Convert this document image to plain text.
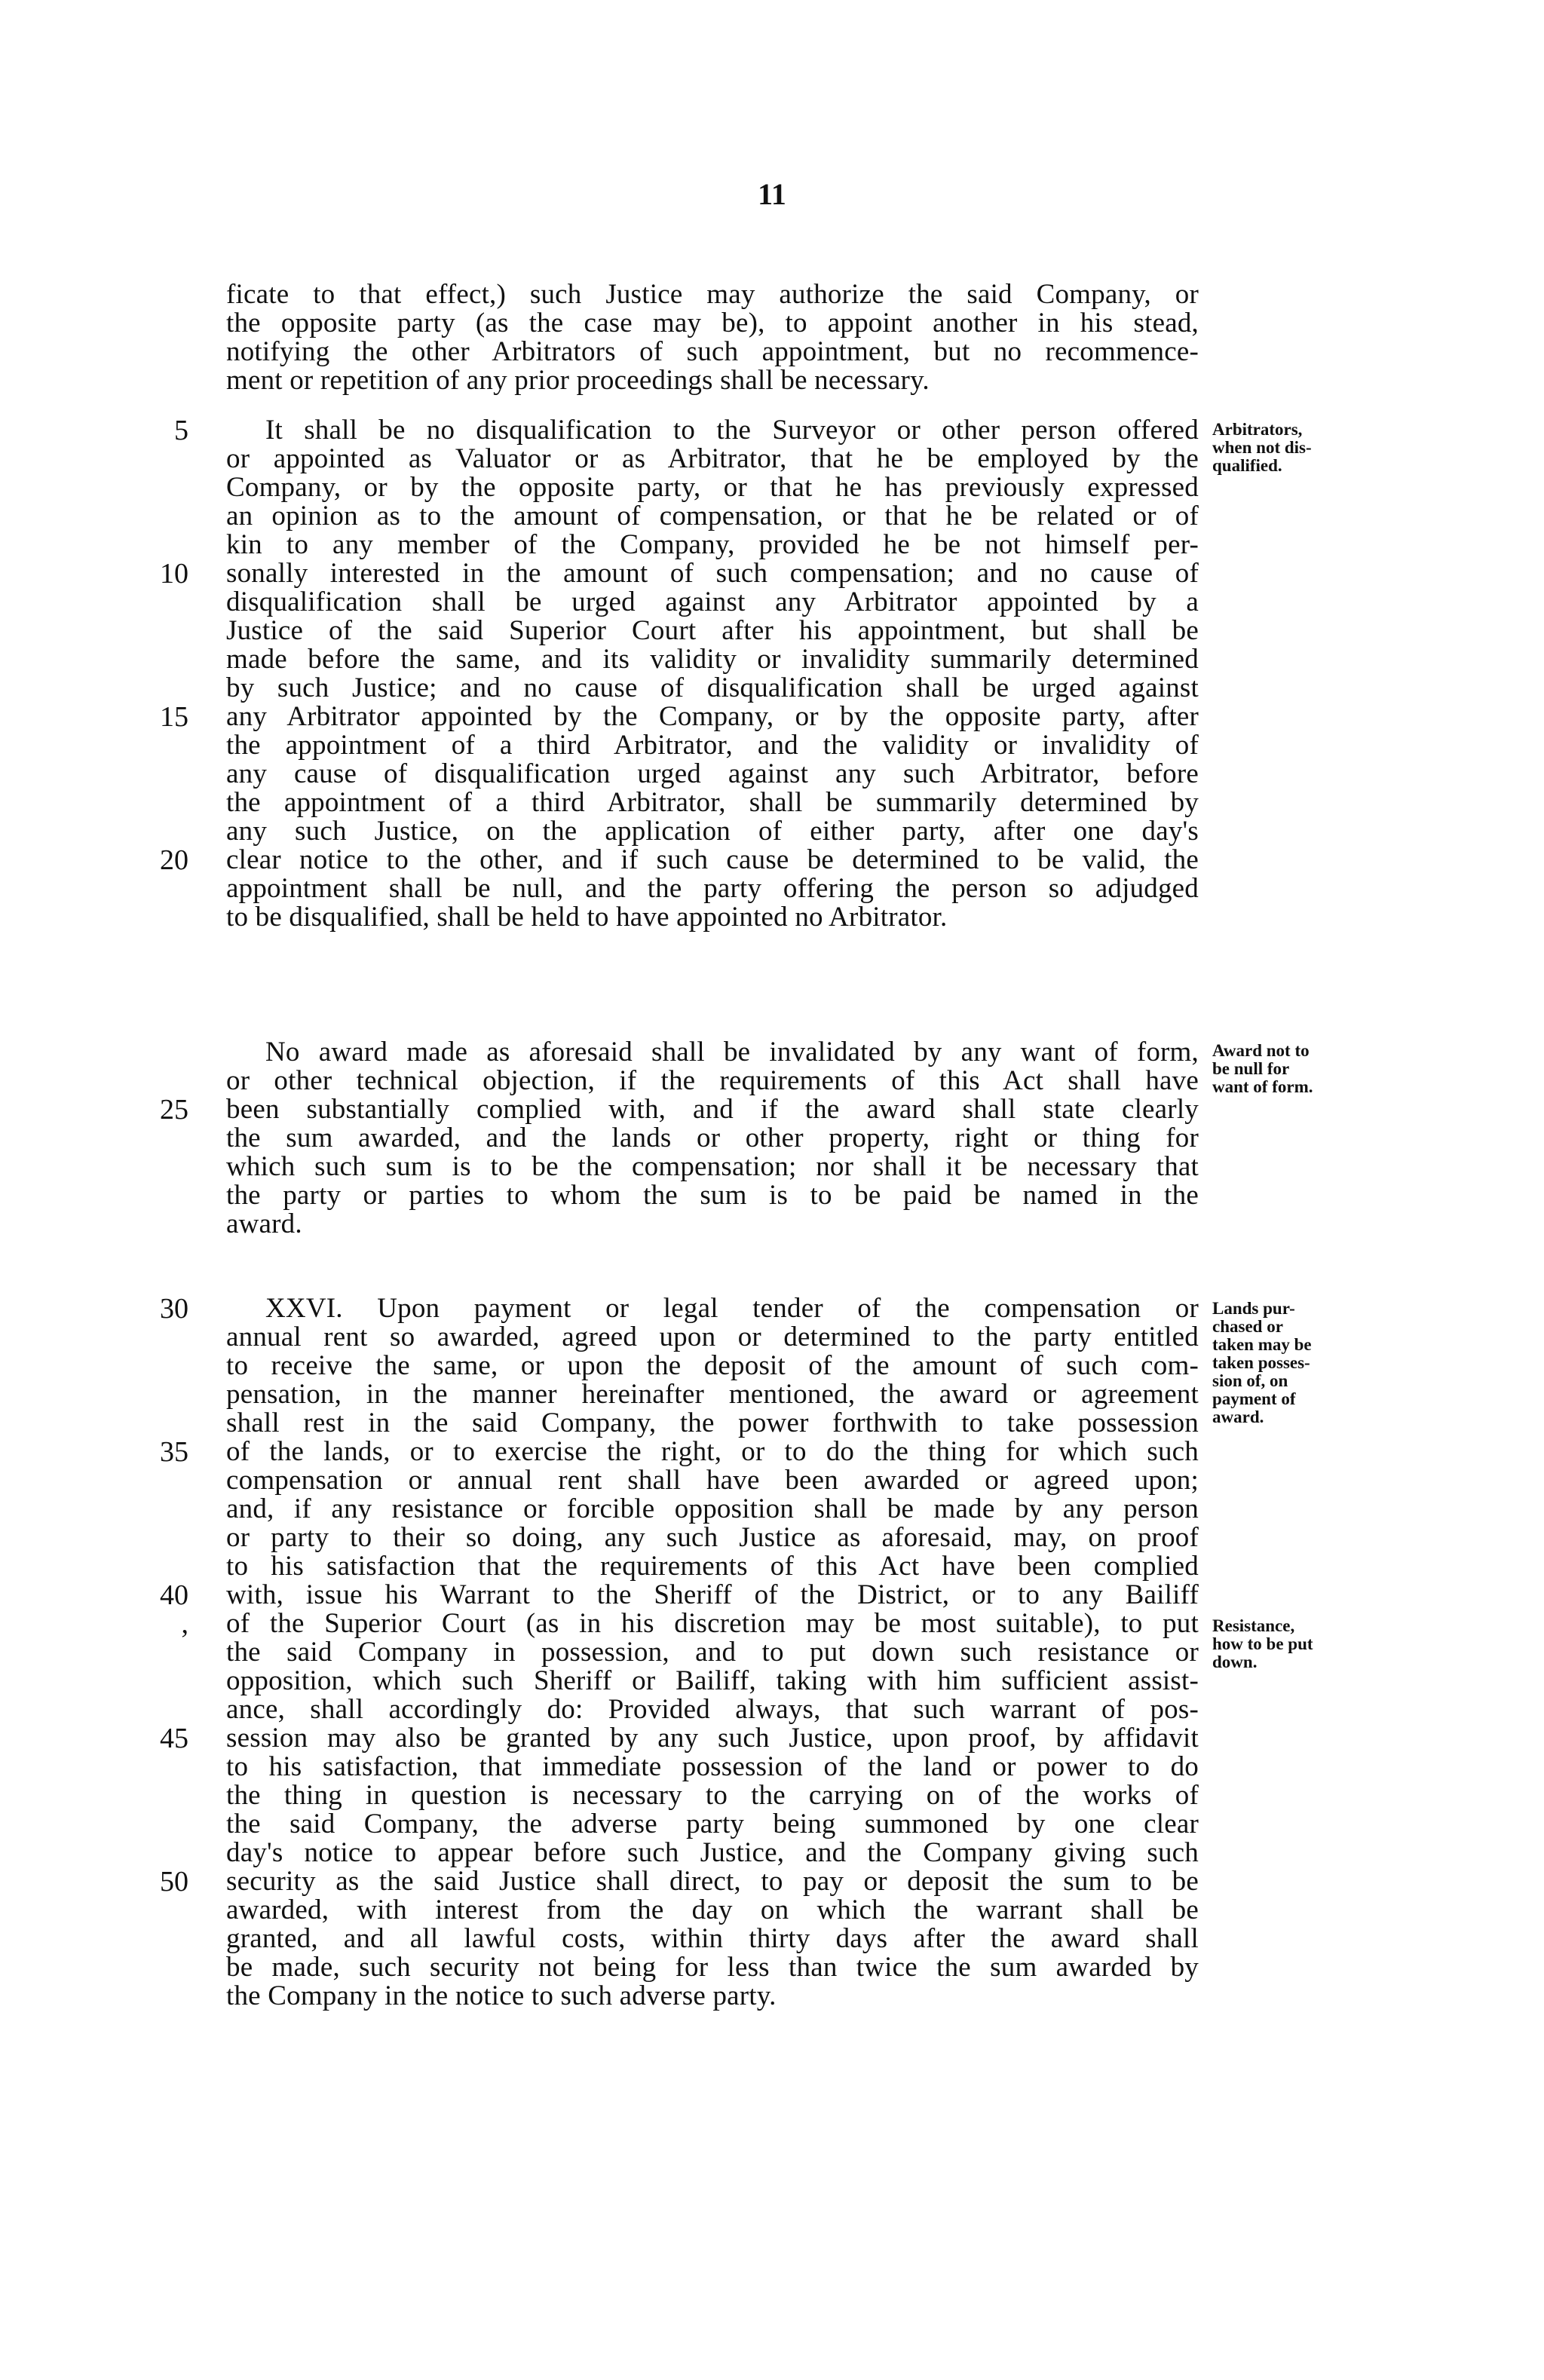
11
ficate to that effect,) such Justice may authorize the said Company, or
the opposite party (as the case may be), to appoint another in his stead,
notifying the other Arbitrators of such appointment, but no recommence-
ment or repetition of any prior proceedings shall be necessary.
It shall be no disqualification to the Surveyor or other person offered
or appointed as Valuator or as Arbitrator, that he be employed by the
Company, or by the opposite party, or that he has previously expressed
an opinion as to the amount of compensation, or that he be related or of
kin to any member of the Company, provided he be not himself per-
sonally interested in the amount of such compensation; and no cause of
disqualification shall be urged against any Arbitrator appointed by a
Justice of the said Superior Court after his appointment, but shall be
made before the same, and its validity or invalidity summarily determined
by such Justice; and no cause of disqualification shall be urged against
any Arbitrator appointed by the Company, or by the opposite party, after
the appointment of a third Arbitrator, and the validity or invalidity of
any cause of disqualification urged against any such Arbitrator, before
the appointment of a third Arbitrator, shall be summarily determined by
any such Justice, on the application of either party, after one day's
clear notice to the other, and if such cause be determined to be valid, the
appointment shall be null, and the party offering the person so adjudged
to be disqualified, shall be held to have appointed no Arbitrator.
No award made as aforesaid shall be invalidated by any want of form,
or other technical objection, if the requirements of this Act shall have
been substantially complied with, and if the award shall state clearly
the sum awarded, and the lands or other property, right or thing for
which such sum is to be the compensation; nor shall it be necessary that
the party or parties to whom the sum is to be paid be named in the
award.
XXVI. Upon payment or legal tender of the compensation or
annual rent so awarded, agreed upon or determined to the party entitled
to receive the same, or upon the deposit of the amount of such com-
pensation, in the manner hereinafter mentioned, the award or agreement
shall rest in the said Company, the power forthwith to take possession
of the lands, or to exercise the right, or to do the thing for which such
compensation or annual rent shall have been awarded or agreed upon;
and, if any resistance or forcible opposition shall be made by any person
or party to their so doing, any such Justice as aforesaid, may, on proof
to his satisfaction that the requirements of this Act have been complied
with, issue his Warrant to the Sheriff of the District, or to any Bailiff
of the Superior Court (as in his discretion may be most suitable), to put
the said Company in possession, and to put down such resistance or
opposition, which such Sheriff or Bailiff, taking with him sufficient assist-
ance, shall accordingly do: Provided always, that such warrant of pos-
session may also be granted by any such Justice, upon proof, by affidavit
to his satisfaction, that immediate possession of the land or power to do
the thing in question is necessary to the carrying on of the works of
the said Company, the adverse party being summoned by one clear
day's notice to appear before such Justice, and the Company giving such
security as the said Justice shall direct, to pay or deposit the sum to be
awarded, with interest from the day on which the warrant shall be
granted, and all lawful costs, within thirty days after the award shall
be made, such security not being for less than twice the sum awarded by
the Company in the notice to such adverse party.
5
10
15
20
25
30
35
40
,
45
50
Arbitrators,
when not dis-
qualified.
Award not to
be null for
want of form.
Lands pur-
chased or
taken may be
taken posses-
sion of, on
payment of
award.
Resistance,
how to be put
down.
